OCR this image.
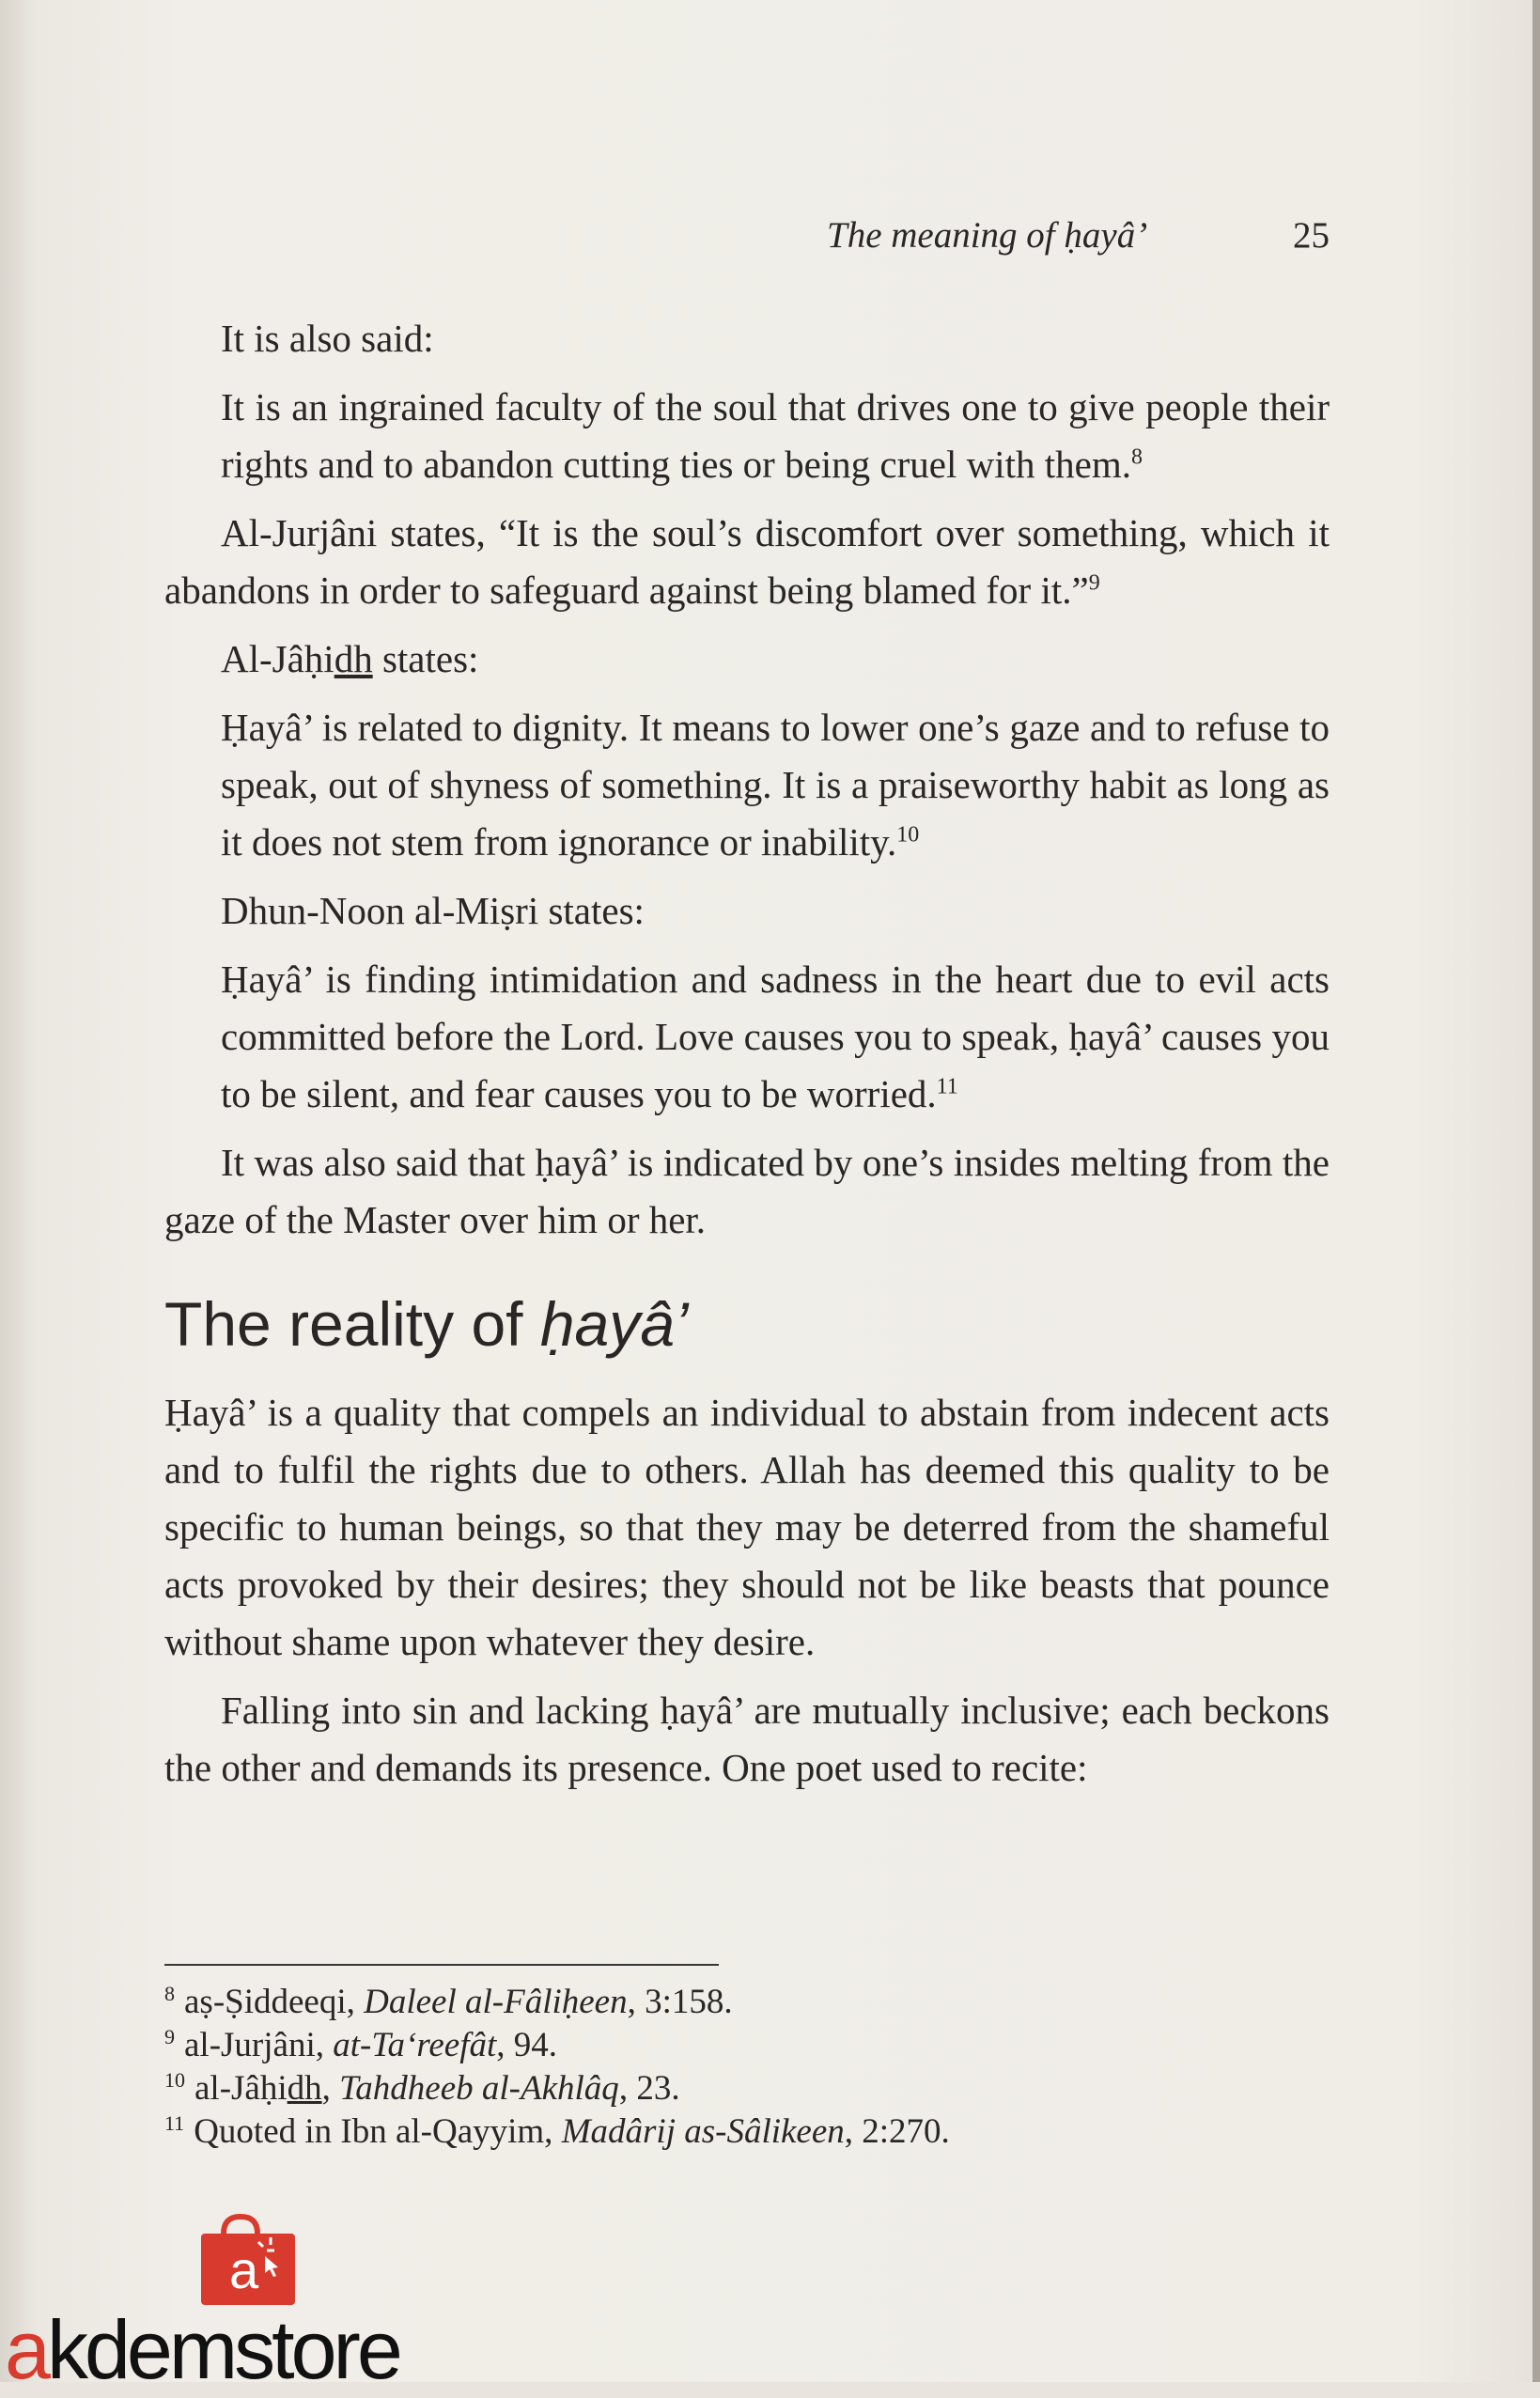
The meaning of ḥayâ’	25

It is also said:

It is an ingrained faculty of the soul that drives one to give people their rights and to abandon cutting ties or being cruel with them.$^8$

Al-Jurjâni states, “It is the soul’s discomfort over something, which it abandons in order to safeguard against being blamed for it.”$^9$

Al-Jâḥidh states:

Ḥayâ’ is related to dignity. It means to lower one’s gaze and to refuse to speak, out of shyness of something. It is a praiseworthy habit as long as it does not stem from ignorance or inability.$^{10}$

Dhun-Noon al-Miṣri states:

Ḥayâ’ is finding intimidation and sadness in the heart due to evil acts committed before the Lord. Love causes you to speak, ḥayâ’ causes you to be silent, and fear causes you to be worried.$^{11}$

It was also said that ḥayâ’ is indicated by one’s insides melting from the gaze of the Master over him or her.

The reality of ḥayâ’

Ḥayâ’ is a quality that compels an individual to abstain from indecent acts and to fulfil the rights due to others. Allah has deemed this quality to be specific to human beings, so that they may be deterred from the shameful acts provoked by their desires; they should not be like beasts that pounce without shame upon whatever they desire.

Falling into sin and lacking ḥayâ’ are mutually inclusive; each beckons the other and demands its presence. One poet used to recite:

$^8$ aṣ-Ṣiddeeqi, Daleel al-Fâliḥeen, 3:158.
$^9$ al-Jurjâni, at-Ta‘reefât, 94.
$^{10}$ al-Jâḥidh, Tahdheeb al-Akhlâq, 23.
$^{11}$ Quoted in Ibn al-Qayyim, Madârij as-Sâlikeen, 2:270.
a
akdemstore
